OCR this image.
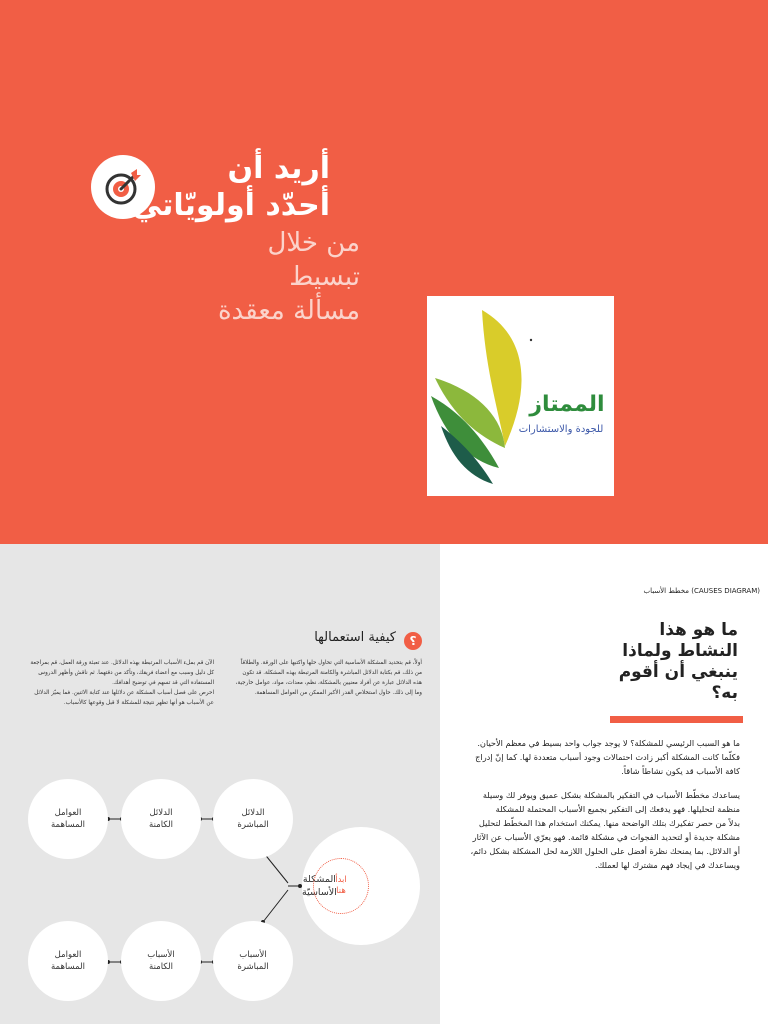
أريد أن
أحدّد أولويّاتي
من خلال
تبسيط
مسألة معقدة
الممتاز
للجودة والاستشارات
؟
كيفية استعمالها
أولاً، قم بتحديد المشكلة الأساسية التي تحاول حلها واكتبها على الورقة. والطلاقاً
من ذلك، قم بكتابة الدلائل المباشرة والكامنة المرتبطة بهذه المشكلة. قد تكون
هذه الدلائل عبارة عن أفراد معنيين بالمشكلة، نظم، معدات، مواد، عوامل خارجية،
وما إلى ذلك. حاول استخلاص القدر الأكبر الممكن من العوامل المساهمة.
الآن قم بملء الأسباب المرتبطة بهذه الدلائل. عند تعبئة ورقة العمل، قم بمراجعة
كل دليل وسبب مع أعضاء فريقك، وتأكد من دقتهما. ثم ناقش وأظهر الدروس
المستفادة التي قد تسهم في توضيح أهدافك.
احرص على فصل أسباب المشكلة عن دلائلها عند كتابة الاثنين. فما يميّز الدلائل
عن الأسباب هو أنها تظهر نتيجة للمشكلة لا قبل وقوعها كالأسباب.
العوامل
المساهمة
الدلائل
الكامنة
الدلائل
المباشرة
المشكلة
الأساسيّة
ابدأ
هنا
العوامل
المساهمة
الأسباب
الكامنة
الأسباب
المباشرة
مخطط الأسباب (CAUSES DIAGRAM)
ما هو هذا
النشاط ولماذا
ينبغي أن أقوم
به؟
ما هو السبب الرئيسي للمشكلة؟ لا يوجد جواب واحد بسيط في معظم الأحيان.
فكلّما كانت المشكلة أكبر زادت احتمالات وجود أسباب متعددة لها. كما إنّ إدراج
كافة الأسباب قد يكون نشاطاً شاقاً.
يساعدك مخطّط الأسباب في التفكير بالمشكلة بشكل عميق ويوفر لك وسيلة
منظمة لتحليلها. فهو يدفعك إلى التفكير بجميع الأسباب المحتملة للمشكلة
بدلاً من حصر تفكيرك بتلك الواضحة منها. يمكنك استخدام هذا المخطّط لتحليل
مشكلة جديدة أو لتحديد الفجوات في مشكلة قائمة. فهو يعرّي الأسباب عن الآثار
أو الدلائل. بما يمنحك نظرة أفضل على الحلول اللازمة لحل المشكلة بشكل دائم،
ويساعدك في إيجاد فهم مشترك لها لعملك.
